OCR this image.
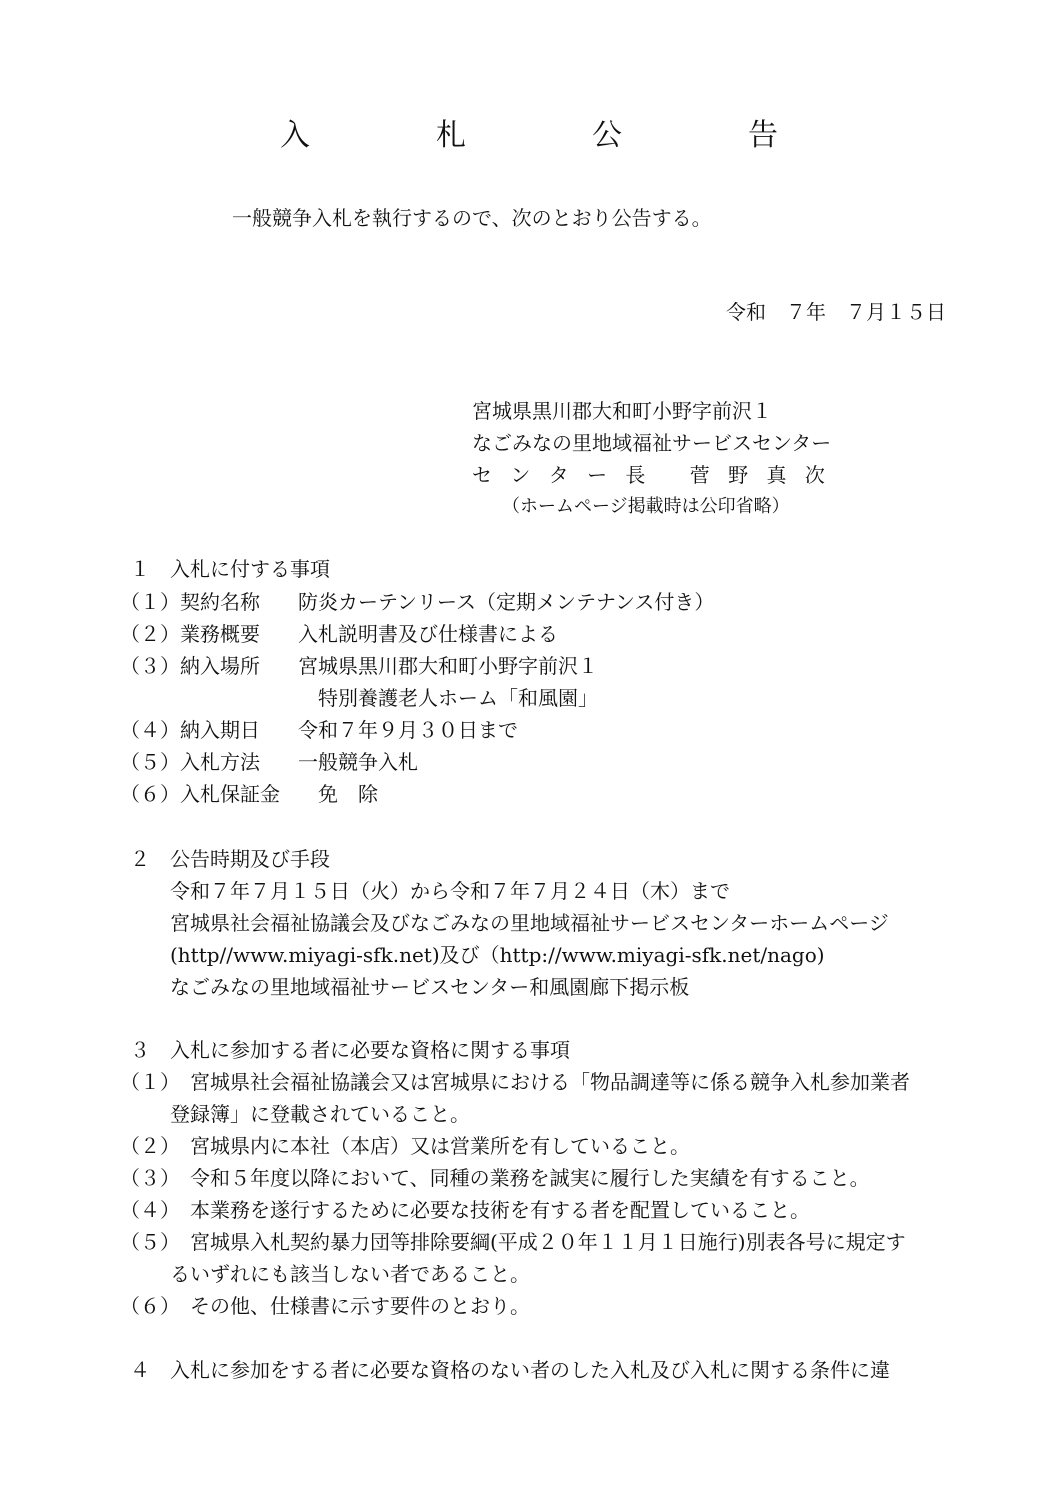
入　札　公　告
一般競争入札を執行するので、次のとおり公告する。
令和　７年　７月１５日
宮城県黒川郡大和町小野字前沢１
なごみなの里地域福祉サービスセンター
セ ン タ ー 長　 菅 野 真 次
（ホームページ掲載時は公印省略）
１　入札に付する事項
（１）契約名称 防炎カーテンリース（定期メンテナンス付き）
（２）業務概要 入札説明書及び仕様書による
（３）納入場所 宮城県黒川郡大和町小野字前沢１
特別養護老人ホーム「和風園」
（４）納入期日 令和７年９月３０日まで
（５）入札方法 一般競争入札
（６）入札保証金 免　除
２　公告時期及び手段
令和７年７月１５日（火）から令和７年７月２４日（木）まで
宮城県社会福祉協議会及びなごみなの里地域福祉サービスセンターホームページ
(http//www.miyagi-sfk.net)及び（http://www.miyagi-sfk.net/nago)
なごみなの里地域福祉サービスセンター和風園廊下掲示板
３　入札に参加する者に必要な資格に関する事項
（１） 宮城県社会福祉協議会又は宮城県における「物品調達等に係る競争入札参加業者
登録簿」に登載されていること。
（２） 宮城県内に本社（本店）又は営業所を有していること。
（３） 令和５年度以降において、同種の業務を誠実に履行した実績を有すること。
（４） 本業務を遂行するために必要な技術を有する者を配置していること。
（５） 宮城県入札契約暴力団等排除要綱(平成２０年１１月１日施行)別表各号に規定す
るいずれにも該当しない者であること。
（６） その他、仕様書に示す要件のとおり。
４　入札に参加をする者に必要な資格のない者のした入札及び入札に関する条件に違
